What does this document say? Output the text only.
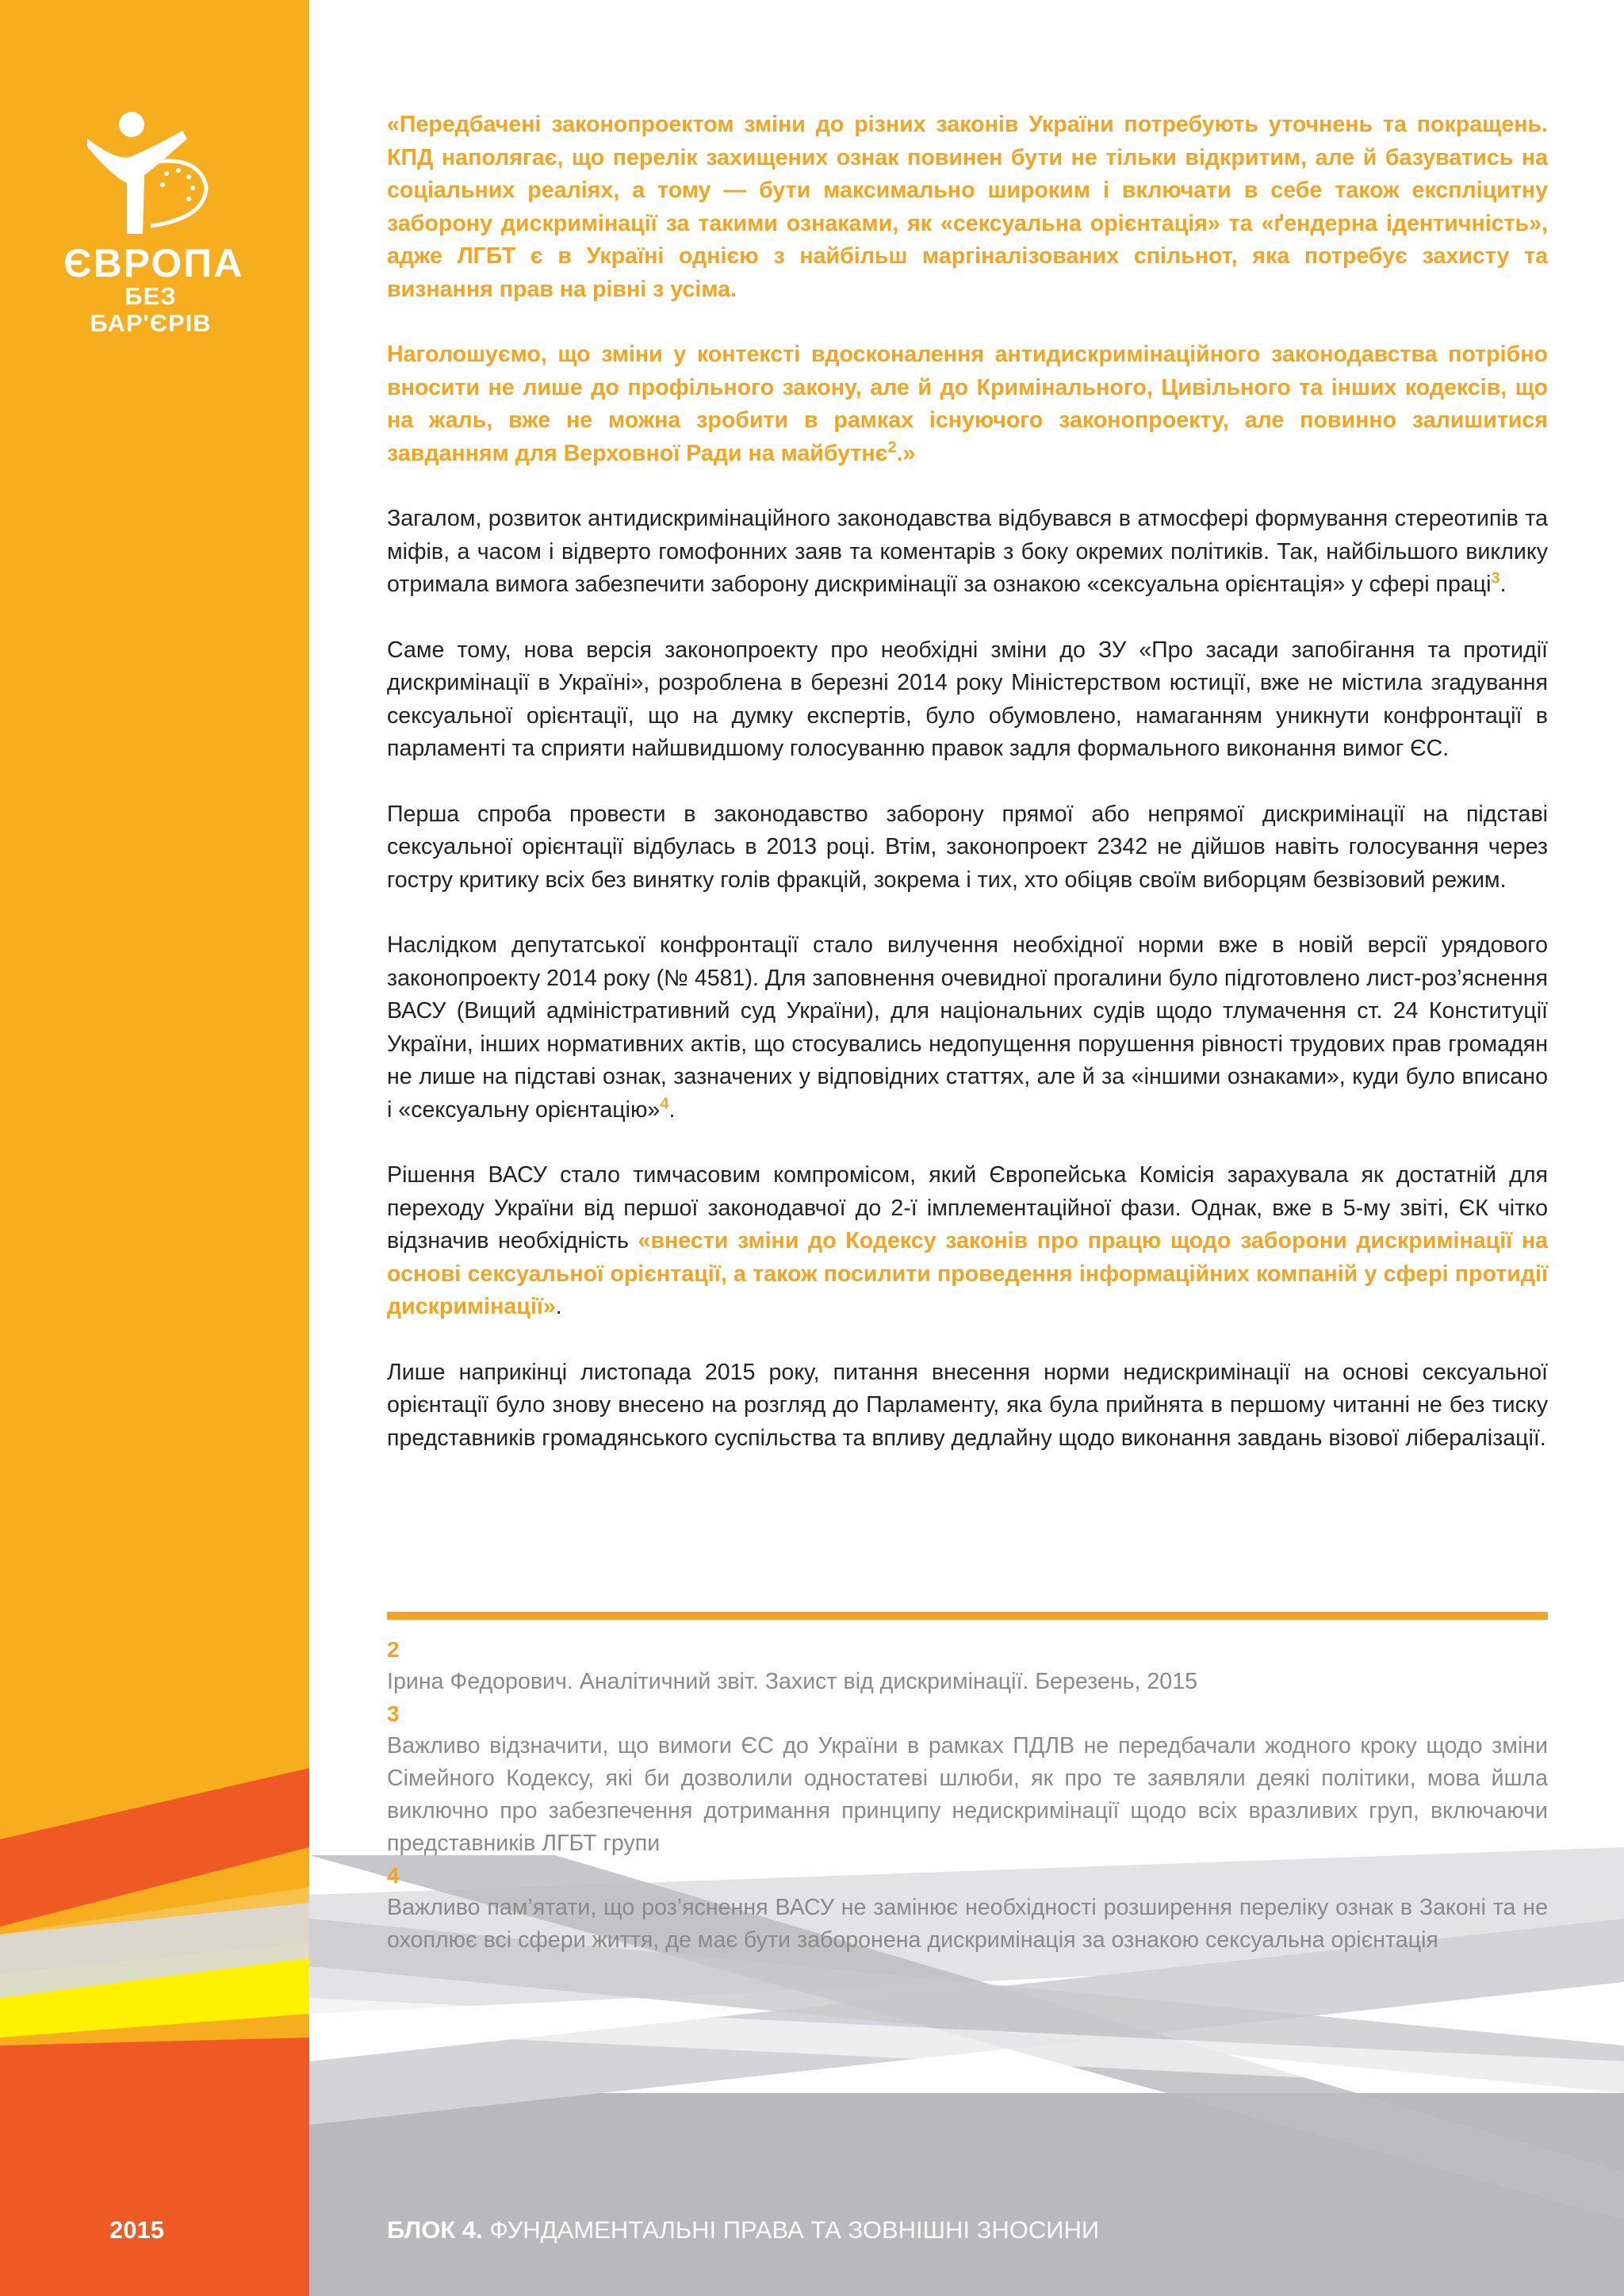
ЄВРОПА
БЕЗ БАР'ЄРІВ

«Передбачені законопроектом зміни до різних законів України потребують уточнень та покращень. КПД наполягає, що перелік захищених ознак повинен бути не тільки відкритим, але й базуватись на соціальних реаліях, а тому — бути максимально широким і включати в себе також експліцитну заборону дискримінації за такими ознаками, як «сексуальна орієнтація» та «ґендерна ідентичність», адже ЛГБТ є в Україні однією з найбільш маргіналізованих спільнот, яка потребує захисту та визнання прав на рівні з усіма.

Наголошуємо, що зміни у контексті вдосконалення антидискримінаційного законодавства потрібно вносити не лише до профільного закону, але й до Кримінального, Цивільного та інших кодексів, що на жаль, вже не можна зробити в рамках існуючого законопроекту, але повинно залишитися завданням для Верховної Ради на майбутнє$^2$.»

Загалом, розвиток антидискримінаційного законодавства відбувався в атмосфері формування стереотипів та міфів, а часом і відверто гомофонних заяв та коментарів з боку окремих політиків. Так, найбільшого виклику отримала вимога забезпечити заборону дискримінації за ознакою «сексуальна орієнтація» у сфері праці$^3$.

Саме тому, нова версія законопроекту про необхідні зміни до ЗУ «Про засади запобігання та протидії дискримінації в Україні», розроблена в березні 2014 року Міністерством юстиції, вже не містила згадування сексуальної орієнтації, що на думку експертів, було обумовлено, намаганням уникнути конфронтації в парламенті та сприяти найшвидшому голосуванню правок задля формального виконання вимог ЄС.

Перша спроба провести в законодавство заборону прямої або непрямої дискримінації на підставі сексуальної орієнтації відбулась в 2013 році. Втім, законопроект 2342 не дійшов навіть голосування через гостру критику всіх без винятку голів фракцій, зокрема і тих, хто обіцяв своїм виборцям безвізовий режим.

Наслідком депутатської конфронтації стало вилучення необхідної норми вже в новій версії урядового законопроекту 2014 року (№ 4581). Для заповнення очевидної прогалини було підготовлено лист-роз’яснення ВАСУ (Вищий адміністративний суд України), для національних судів щодо тлумачення ст. 24 Конституції України, інших нормативних актів, що стосувались недопущення порушення рівності трудових прав громадян не лише на підставі ознак, зазначених у відповідних статтях, але й за «іншими ознаками», куди було вписано і «сексуальну орієнтацію»$^4$.

Рішення ВАСУ стало тимчасовим компромісом, який Європейська Комісія зарахувала як достатній для переходу України від першої законодавчої до 2-ї імплементаційної фази. Однак, вже в 5-му звіті, ЄК чітко відзначив необхідність «внести зміни до Кодексу законів про працю щодо заборони дискримінації на основі сексуальної орієнтації, а також посилити проведення інформаційних компаній у сфері протидії дискримінації».

Лише наприкінці листопада 2015 року, питання внесення норми недискримінації на основі сексуальної орієнтації було знову внесено на розгляд до Парламенту, яка була прийнята в першому читанні не без тиску представників громадянського суспільства та впливу дедлайну щодо виконання завдань візової лібералізації.

2

Ірина Федорович. Аналітичний звіт. Захист від дискримінації. Березень, 2015

3

Важливо відзначити, що вимоги ЄС до України в рамках ПДЛВ не передбачали жодного кроку щодо зміни Сімейного Кодексу, які би дозволили одностатеві шлюби, як про те заявляли деякі політики, мова йшла виключно про забезпечення дотримання принципу недискримінації щодо всіх вразливих груп, включаючи представників ЛГБТ групи

4

Важливо пам’ятати, що роз’яснення ВАСУ не замінює необхідності розширення переліку ознак в Законі та не охоплює всі сфери життя, де має бути заборонена дискримінація за ознакою сексуальна орієнтація

2015	БЛОК 4. ФУНДАМЕНТАЛЬНІ ПРАВА ТА ЗОВНІШНІ ЗНОСИНИ
